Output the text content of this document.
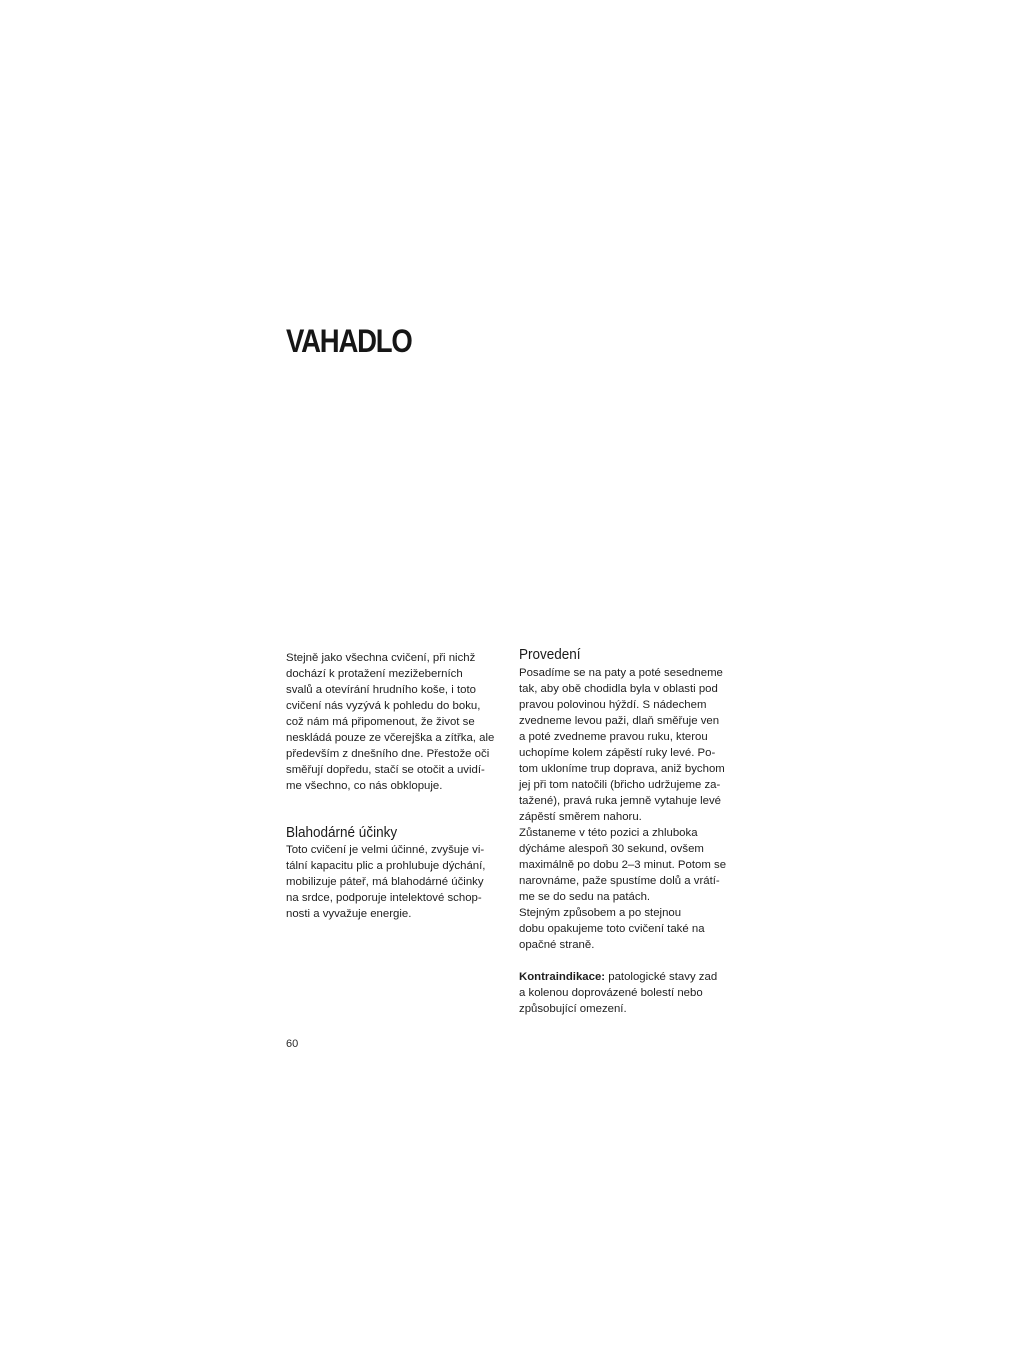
VAHADLO

Stejně jako všechna cvičení, při nichž
dochází k protažení mezižeberních
svalů a otevírání hrudního koše, i toto
cvičení nás vyzývá k pohledu do boku,
což nám má připomenout, že život se
neskládá pouze ze včerejška a zítřka, ale
především z dnešního dne. Přestože oči
směřují dopředu, stačí se otočit a uvidí-
me všechno, co nás obklopuje.

Blahodárné účinky

Toto cvičení je velmi účinné, zvyšuje vi-
tální kapacitu plic a prohlubuje dýchání,
mobilizuje páteř, má blahodárné účinky
na srdce, podporuje intelektové schop-
nosti a vyvažuje energie.

Provedení

Posadíme se na paty a poté sesedneme
tak, aby obě chodidla byla v oblasti pod
pravou polovinou hýždí. S nádechem
zvedneme levou paži, dlaň směřuje ven
a poté zvedneme pravou ruku, kterou
uchopíme kolem zápěstí ruky levé. Po-
tom ukloníme trup doprava, aniž bychom
jej při tom natočili (břicho udržujeme za-
tažené), pravá ruka jemně vytahuje levé
zápěstí směrem nahoru.
Zůstaneme v této pozici a zhluboka
dýcháme alespoň 30 sekund, ovšem
maximálně po dobu 2–3 minut. Potom se
narovnáme, paže spustíme dolů a vrátí-
me se do sedu na patách.
Stejným způsobem a po stejnou
dobu opakujeme toto cvičení také na
opačné straně.

Kontraindikace: patologické stavy zad
a kolenou doprovázené bolestí nebo
způsobující omezení.

60
